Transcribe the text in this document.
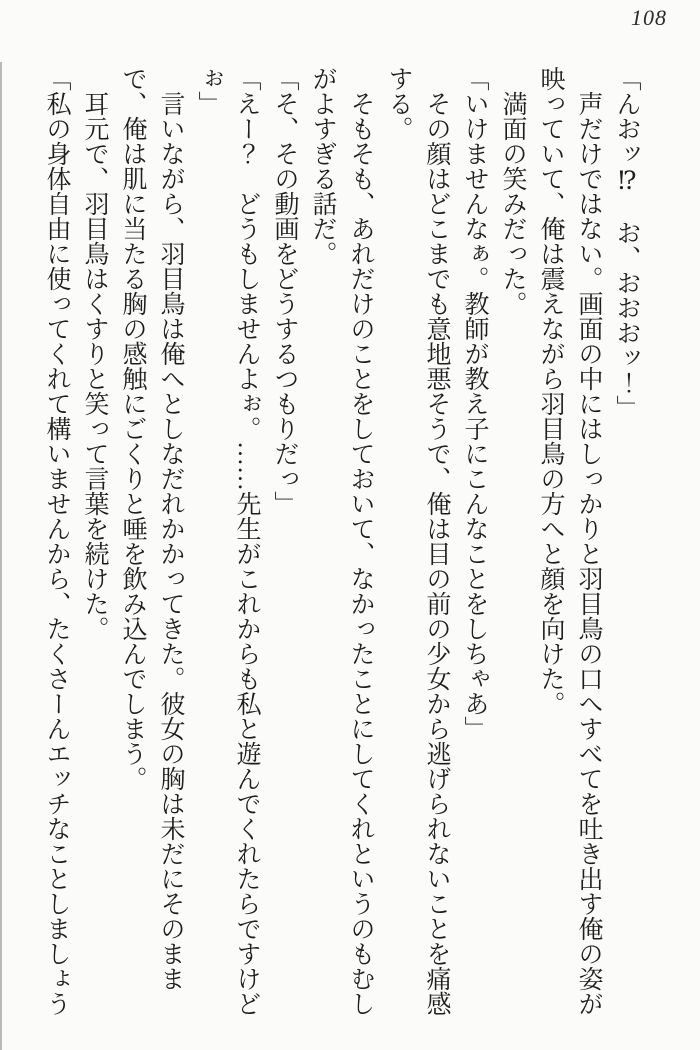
108

「んおッ⁉　お、おおおッ！」

声だけではない。画面の中にはしっかりと羽目鳥の口へすべてを吐き出す俺の姿が映っていて、俺は震えながら羽目鳥の方へと顔を向けた。

満面の笑みだった。

「いけませんなぁ。教師が教え子にこんなことをしちゃあ」

その顔はどこまでも意地悪そうで、俺は目の前の少女から逃げられないことを痛感する。

そもそも、あれだけのことをしておいて、なかったことにしてくれというのもむしがよすぎる話だ。

「そ、その動画をどうするつもりだっ」

「えー？　どうもしませんよぉ。……先生がこれからも私と遊んでくれたらですけどぉ」

言いながら、羽目鳥は俺へとしなだれかかってきた。彼女の胸は未だにそのままで、俺は肌に当たる胸の感触にごくりと唾を飲み込んでしまう。

耳元で、羽目鳥はくすりと笑って言葉を続けた。

「私の身体自由に使ってくれて構いませんから、たくさーんエッチなことしましょう
